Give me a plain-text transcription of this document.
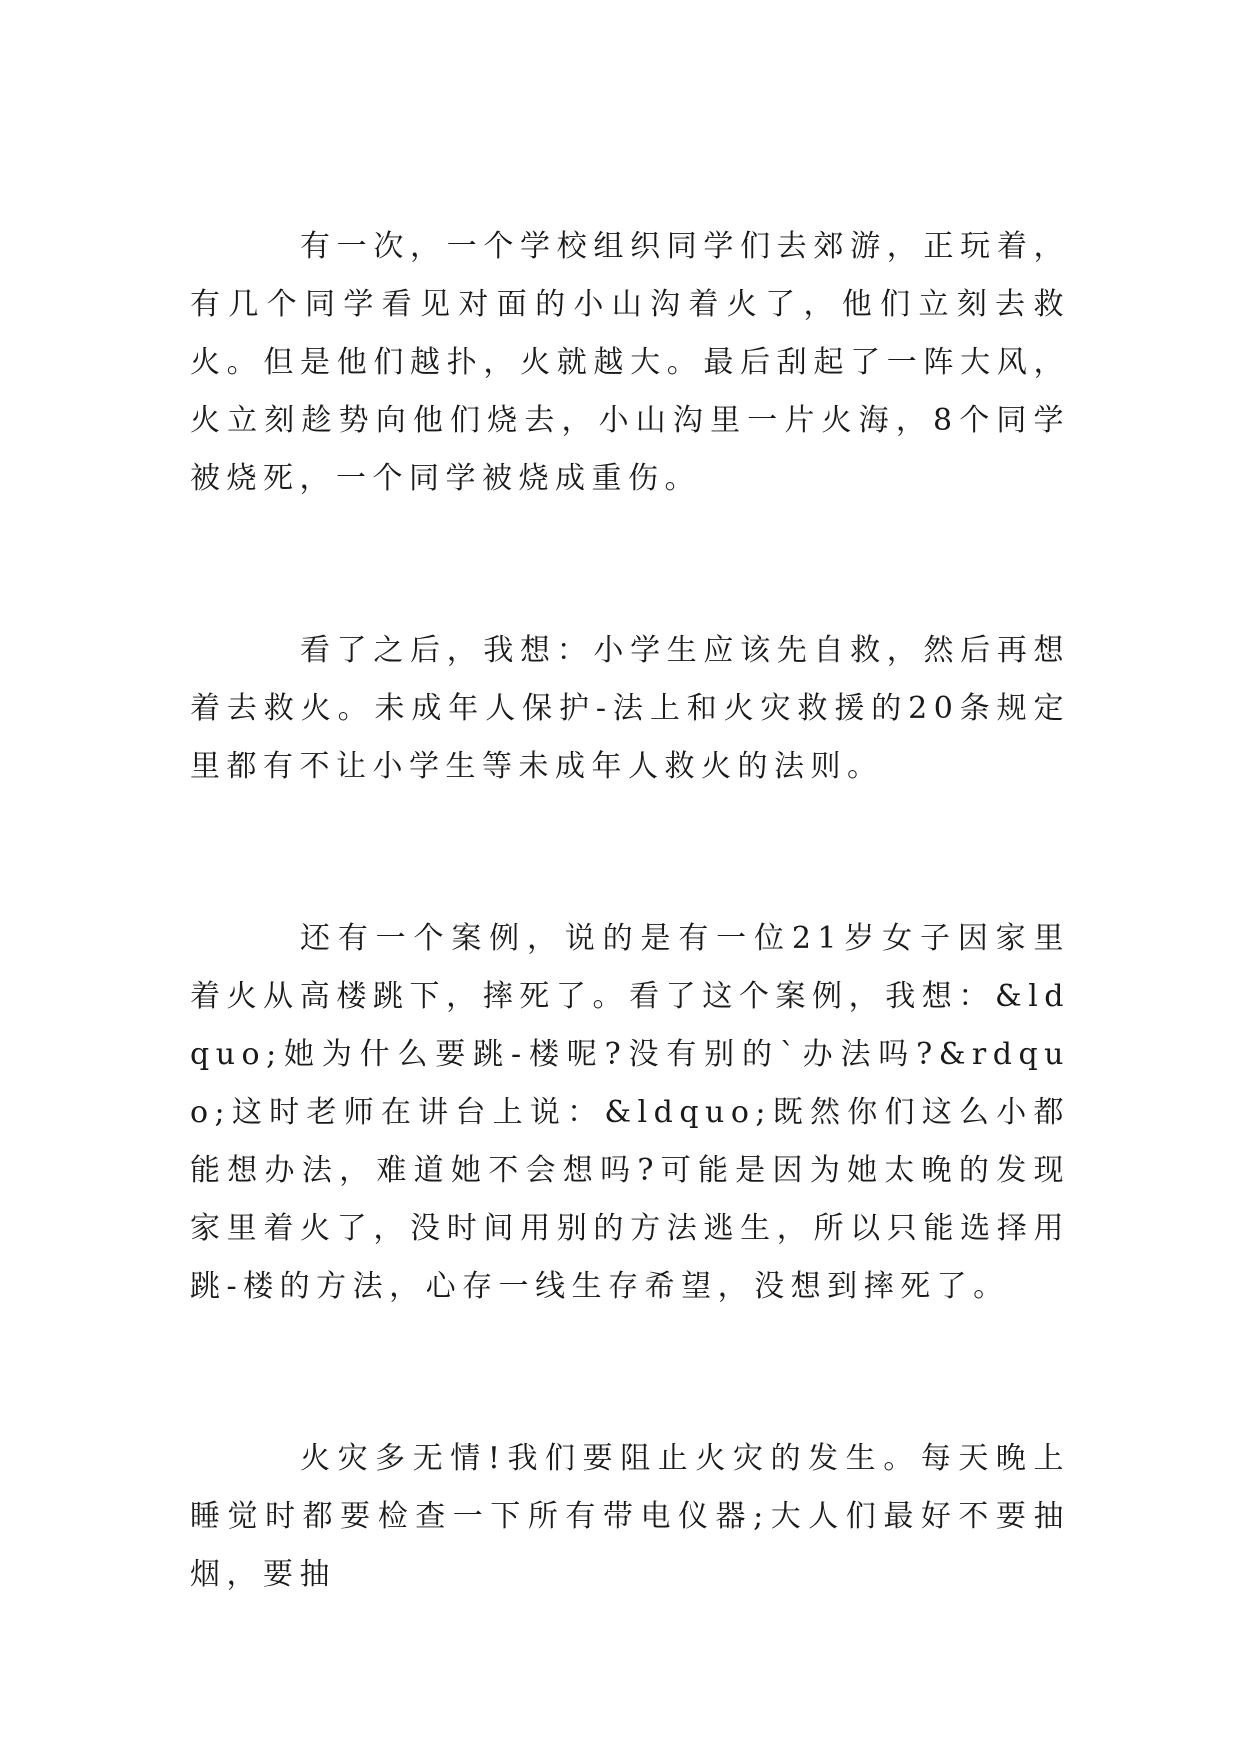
有一次，一个学校组织同学们去郊游，正玩着，有几个同学看见对面的小山沟着火了，他们立刻去救火。但是他们越扑，火就越大。最后刮起了一阵大风，火立刻趁势向他们烧去，小山沟里一片火海，8个同学被烧死，一个同学被烧成重伤。

看了之后，我想：小学生应该先自救，然后再想着去救火。未成年人保护-法上和火灾救援的20条规定里都有不让小学生等未成年人救火的法则。

还有一个案例，说的是有一位21岁女子因家里着火从高楼跳下，摔死了。看了这个案例，我想：&ldquo;她为什么要跳-楼呢?没有别的`办法吗?&rdquo;这时老师在讲台上说：&ldquo;既然你们这么小都能想办法，难道她不会想吗?可能是因为她太晚的发现家里着火了，没时间用别的方法逃生，所以只能选择用跳-楼的方法，心存一线生存希望，没想到摔死了。

火灾多无情!我们要阻止火灾的发生。每天晚上睡觉时都要检查一下所有带电仪器;大人们最好不要抽烟，要抽
